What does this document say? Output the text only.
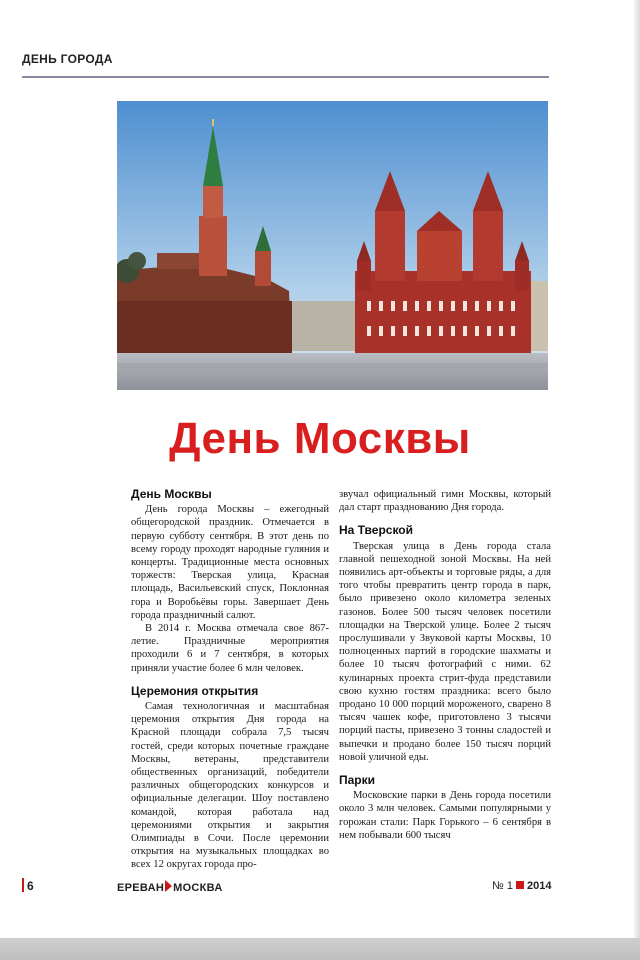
ДЕНЬ ГОРОДА
День Москвы
День Москвы

День города Москвы – ежегодный общегородской праздник. Отмечается в первую субботу сентября. В этот день по всему городу проходят народные гуляния и концерты. Традиционные места основных торжеств: Тверская улица, Красная площадь, Васильевский спуск, Поклонная гора и Воробьёвы горы. Завершает День города праздничный салют.

В 2014 г. Москва отмечала свое 867-летие. Праздничные мероприятия проходили 6 и 7 сентября, в которых приняли участие более 6 млн человек.

Церемония открытия

Самая технологичная и масштабная церемония открытия Дня города на Красной площади собрала 7,5 тысяч гостей, среди которых почетные граждане Москвы, ветераны, представители общественных организаций, победители различных общегородских конкурсов и официальные делегации. Шоу поставлено командой, которая работала над церемониями открытия и закрытия Олимпиады в Сочи. После церемонии открытия на музыкальных площадках во всех 12 округах города про-

звучал официальный гимн Москвы, который дал старт празднованию Дня города.

На Тверской

Тверская улица в День города стала главной пешеходной зоной Москвы. На ней появились арт-объекты и торговые ряды, а для того чтобы превратить центр города в парк, было привезено около километра зеленых газонов. Более 500 тысяч человек посетили площадки на Тверской улице. Более 2 тысяч прослушивали у Звуковой карты Москвы, 10 полноценных партий в городские шахматы и более 10 тысяч фотографий с ними. 62 кулинарных проекта стрит-фуда представили свою кухню гостям праздника: всего было продано 10 000 порций мороженого, сварено 8 тысяч чашек кофе, приготовлено 3 тысячи порций пасты, привезено 3 тонны сладостей и выпечки и продано более 150 тысяч порций новой уличной еды.

Парки

Московские парки в День города посетили около 3 млн человек. Самыми популярными у горожан стали: Парк Горького – 6 сентября в нем побывали 600 тысяч

6	ЕРЕВАН МОСКВА	№ 1 2014
